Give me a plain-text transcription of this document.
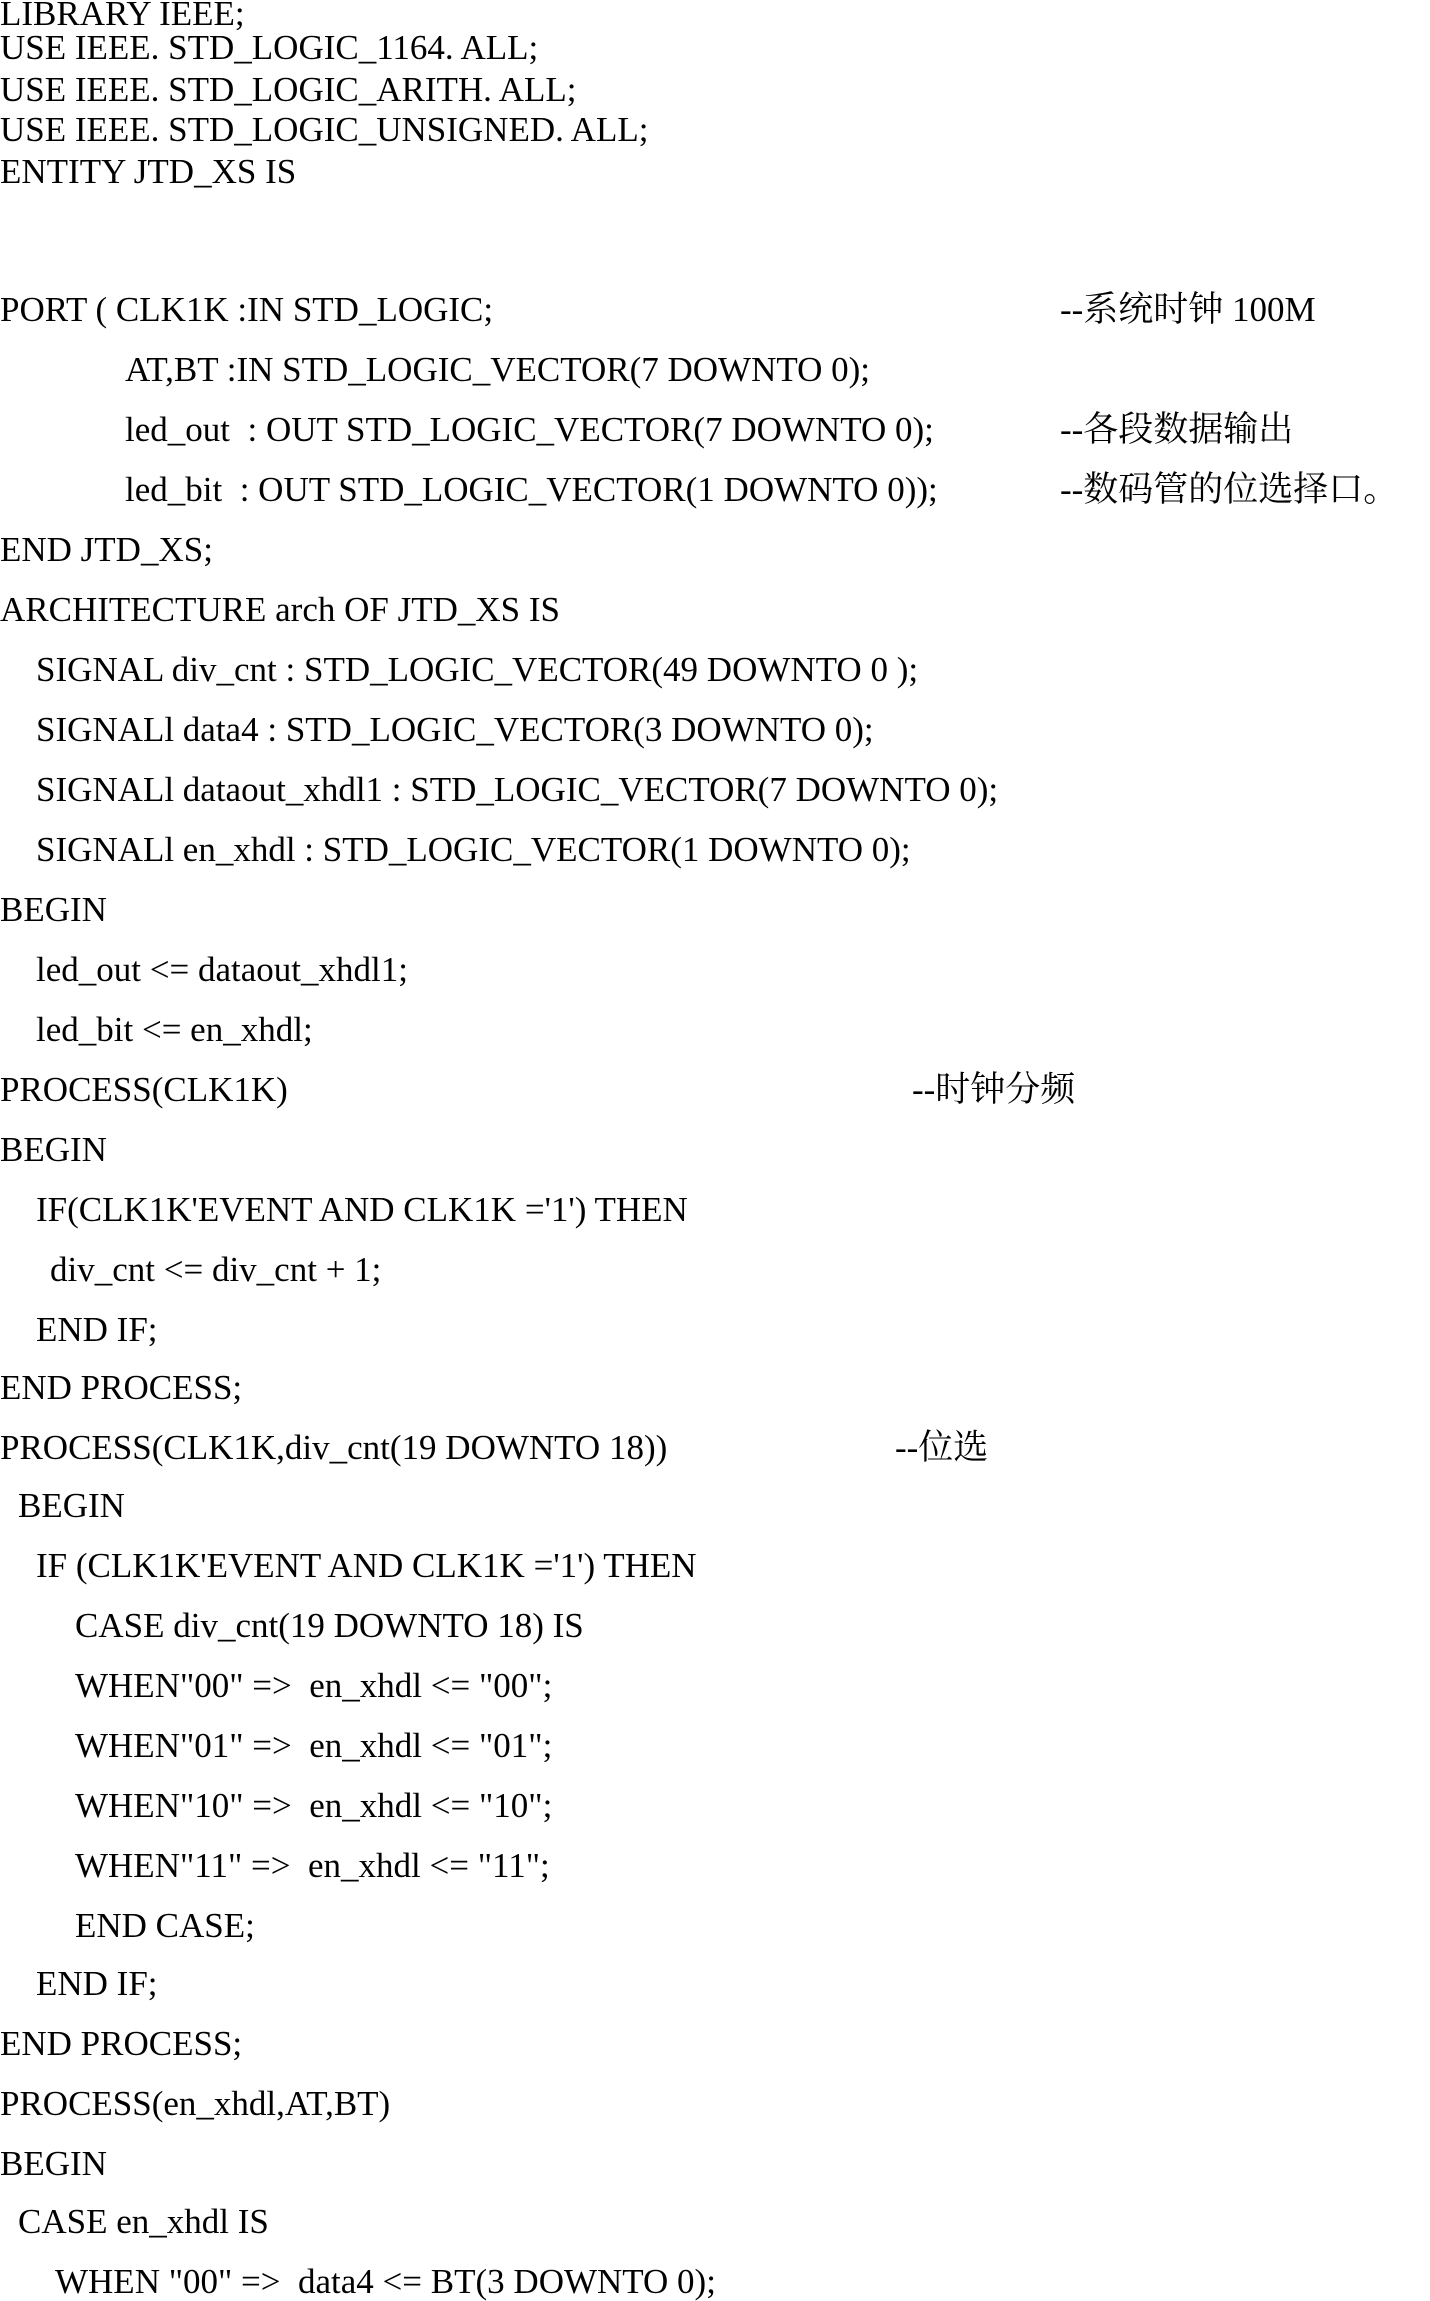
LIBRARY IEEE;
USE IEEE. STD_LOGIC_1164. ALL;
USE IEEE. STD_LOGIC_ARITH. ALL;
USE IEEE. STD_LOGIC_UNSIGNED. ALL;
ENTITY JTD_XS IS
PORT ( CLK1K :IN STD_LOGIC;	--系统时钟 100M
AT,BT :IN STD_LOGIC_VECTOR(7 DOWNTO 0);
led_out  : OUT STD_LOGIC_VECTOR(7 DOWNTO 0);	--各段数据输出
led_bit  : OUT STD_LOGIC_VECTOR(1 DOWNTO 0));	--数码管的位选择口。
END JTD_XS;
ARCHITECTURE arch OF JTD_XS IS
SIGNAL div_cnt : STD_LOGIC_VECTOR(49 DOWNTO 0 );
SIGNALl data4 : STD_LOGIC_VECTOR(3 DOWNTO 0);
SIGNALl dataout_xhdl1 : STD_LOGIC_VECTOR(7 DOWNTO 0);
SIGNALl en_xhdl : STD_LOGIC_VECTOR(1 DOWNTO 0);
BEGIN
led_out <= dataout_xhdl1;
led_bit <= en_xhdl;
PROCESS(CLK1K)	--时钟分频
BEGIN
IF(CLK1K'EVENT AND CLK1K ='1') THEN
div_cnt <= div_cnt + 1;
END IF;
END PROCESS;
PROCESS(CLK1K,div_cnt(19 DOWNTO 18))	--位选
BEGIN
IF (CLK1K'EVENT AND CLK1K ='1') THEN
CASE div_cnt(19 DOWNTO 18) IS
WHEN"00" =>  en_xhdl <= "00";
WHEN"01" =>  en_xhdl <= "01";
WHEN"10" =>  en_xhdl <= "10";
WHEN"11" =>  en_xhdl <= "11";
END CASE;
END IF;
END PROCESS;
PROCESS(en_xhdl,AT,BT)
BEGIN
CASE en_xhdl IS
WHEN "00" =>  data4 <= BT(3 DOWNTO 0);
